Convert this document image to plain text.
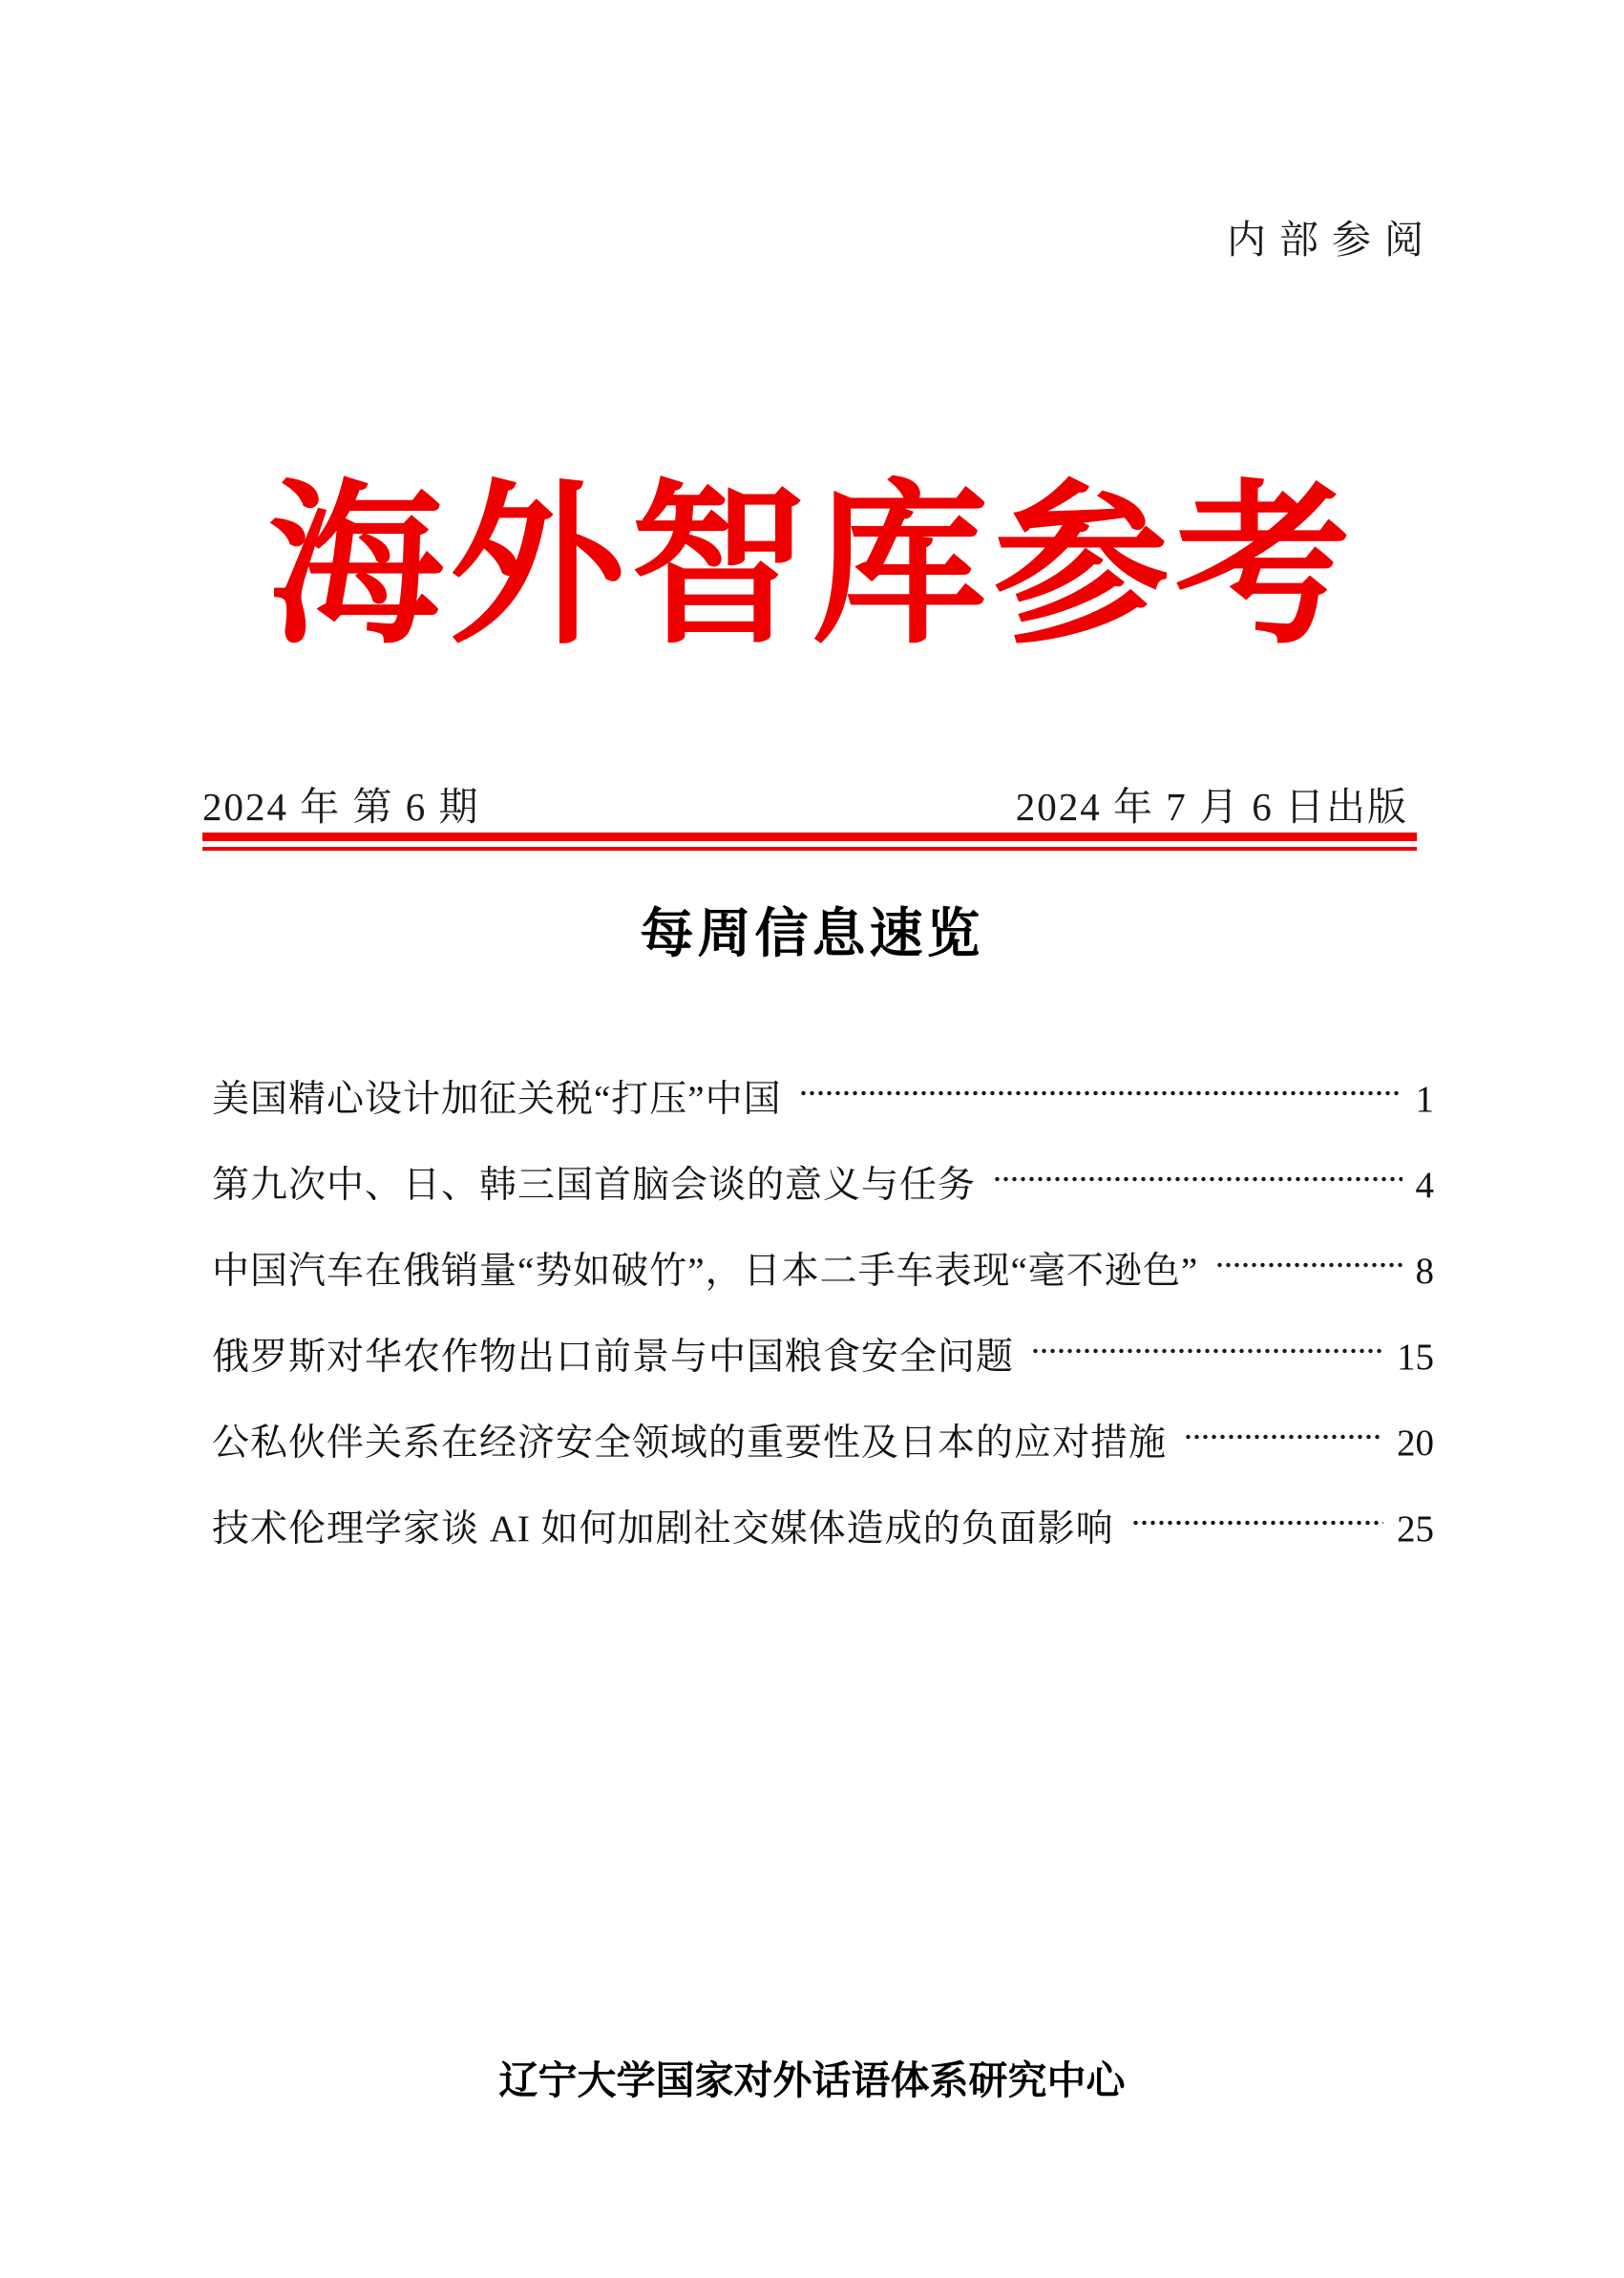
内部参阅
海外智库参考
2024 年 第 6 期	2024 年 7 月 6 日出版
每周信息速览
美国精心设计加征关税“打压”中国	1
第九次中、日、韩三国首脑会谈的意义与任务	4
中国汽车在俄销量“势如破竹”，日本二手车表现“毫不逊色”	8
俄罗斯对华农作物出口前景与中国粮食安全问题	15
公私伙伴关系在经济安全领域的重要性及日本的应对措施	20
技术伦理学家谈 AI 如何加剧社交媒体造成的负面影响	25
辽宁大学国家对外话语体系研究中心
